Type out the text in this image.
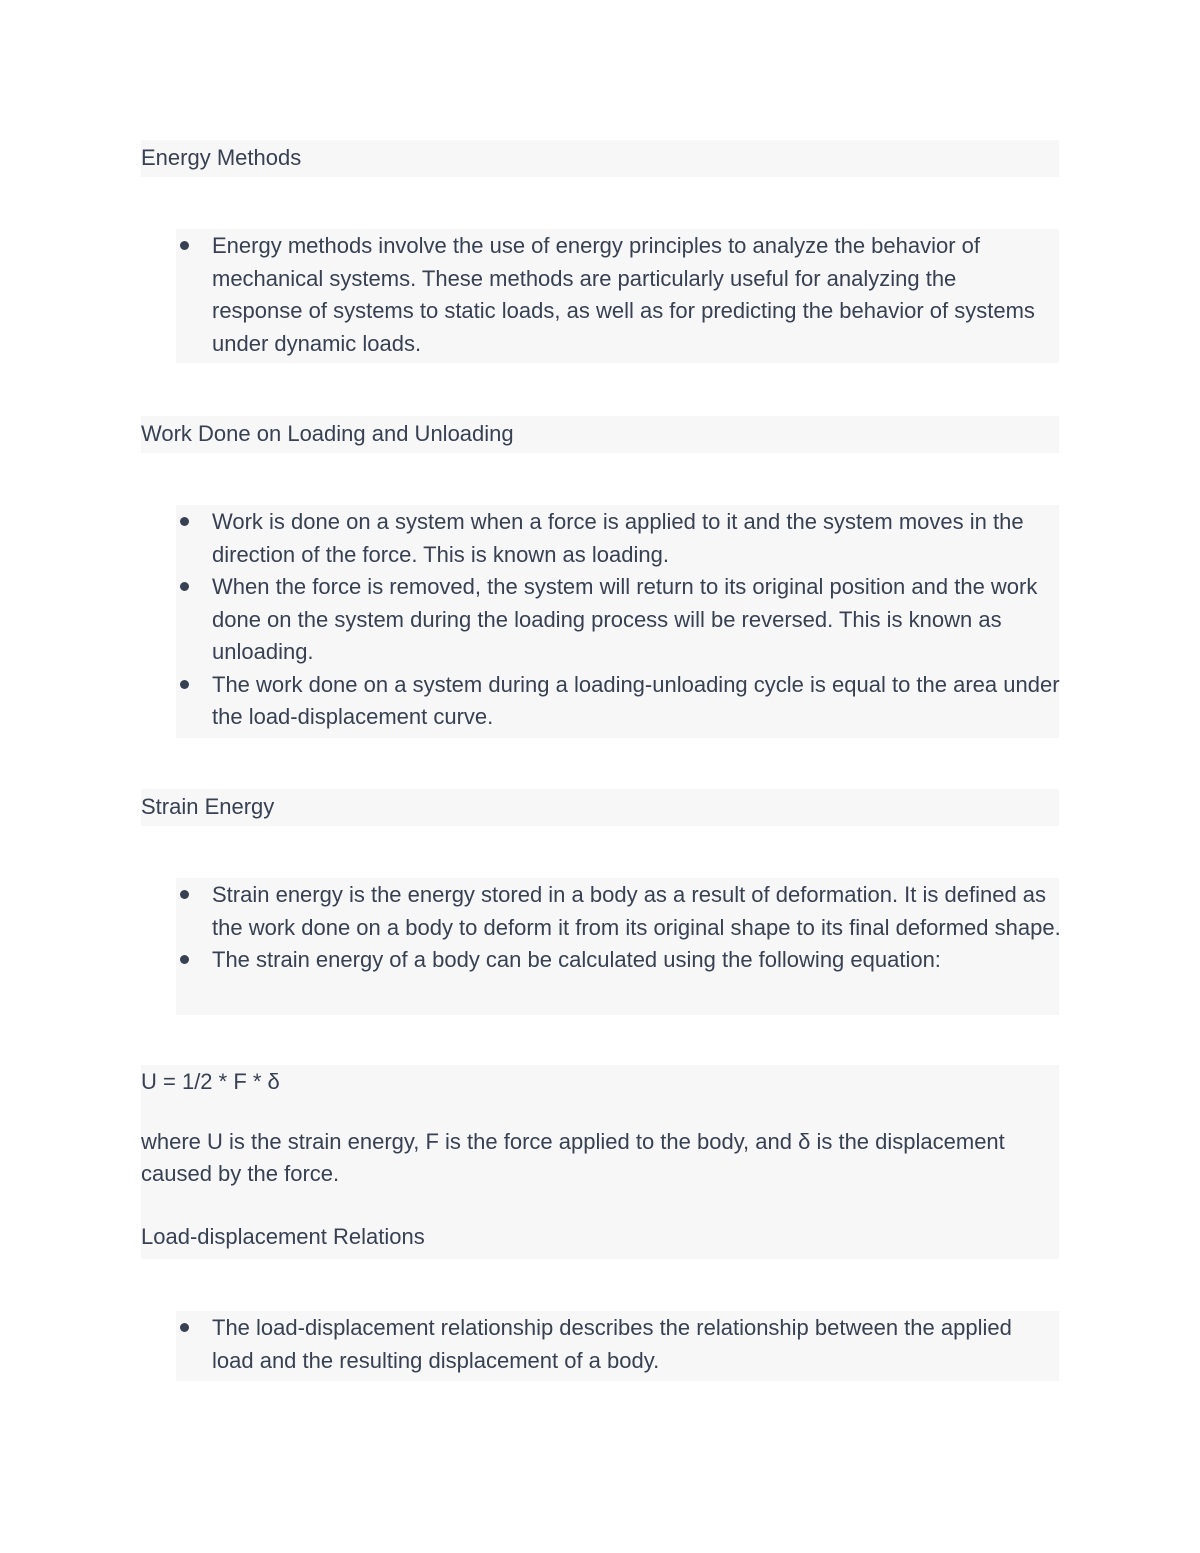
Energy Methods
Energy methods involve the use of energy principles to analyze the behavior of mechanical systems. These methods are particularly useful for analyzing the response of systems to static loads, as well as for predicting the behavior of systems under dynamic loads.
Work Done on Loading and Unloading
Work is done on a system when a force is applied to it and the system moves in the direction of the force. This is known as loading.
When the force is removed, the system will return to its original position and the work done on the system during the loading process will be reversed. This is known as unloading.
The work done on a system during a loading-unloading cycle is equal to the area under the load-displacement curve.
Strain Energy
Strain energy is the energy stored in a body as a result of deformation. It is defined as the work done on a body to deform it from its original shape to its final deformed shape.
The strain energy of a body can be calculated using the following equation:

U = 1/2 * F * δ

where U is the strain energy, F is the force applied to the body, and δ is the displacement caused by the force.

Load-displacement Relations

The load-displacement relationship describes the relationship between the applied load and the resulting displacement of a body.
